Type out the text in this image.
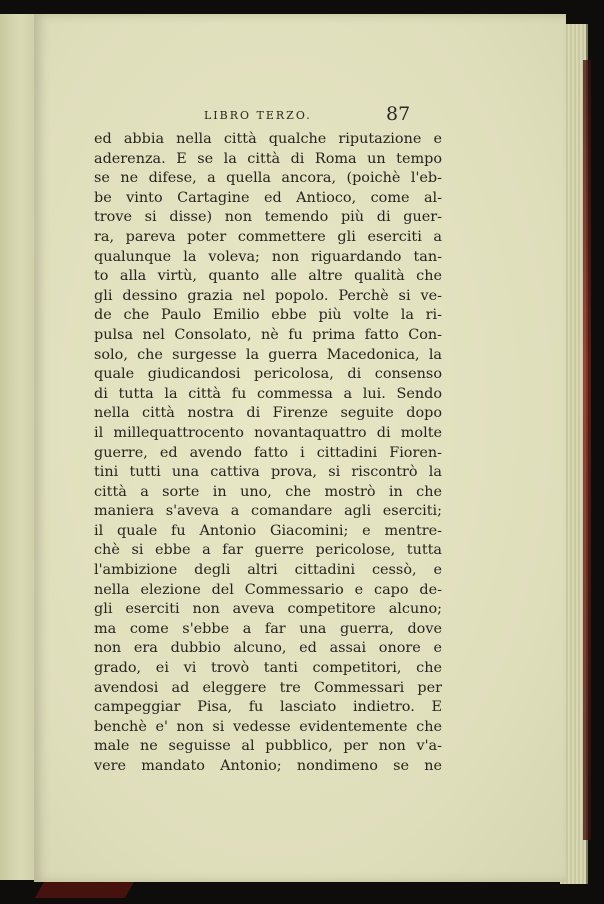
LIBRO TERZO.	87
ed abbia nella città qualche riputazione e
aderenza. E se la città di Roma un tempo
se ne difese, a quella ancora, (poichè l'eb-
be vinto Cartagine ed Antioco, come al-
trove si disse) non temendo più di guer-
ra, pareva poter commettere gli eserciti a
qualunque la voleva; non riguardando tan-
to alla virtù, quanto alle altre qualità che
gli dessino grazia nel popolo. Perchè si ve-
de che Paulo Emilio ebbe più volte la ri-
pulsa nel Consolato, nè fu prima fatto Con-
solo, che surgesse la guerra Macedonica, la
quale giudicandosi pericolosa, di consenso
di tutta la città fu commessa a lui. Sendo
nella città nostra di Firenze seguite dopo
il millequattrocento novantaquattro di molte
guerre, ed avendo fatto i cittadini Fioren-
tini tutti una cattiva prova, si riscontrò la
città a sorte in uno, che mostrò in che
maniera s'aveva a comandare agli eserciti;
il quale fu Antonio Giacomini; e mentre-
chè si ebbe a far guerre pericolose, tutta
l'ambizione degli altri cittadini cessò, e
nella elezione del Commessario e capo de-
gli eserciti non aveva competitore alcuno;
ma come s'ebbe a far una guerra, dove
non era dubbio alcuno, ed assai onore e
grado, ei vi trovò tanti competitori, che
avendosi ad eleggere tre Commessari per
campeggiar Pisa, fu lasciato indietro. E
benchè e' non si vedesse evidentemente che
male ne seguisse al pubblico, per non v'a-
vere mandato Antonio; nondimeno se ne
